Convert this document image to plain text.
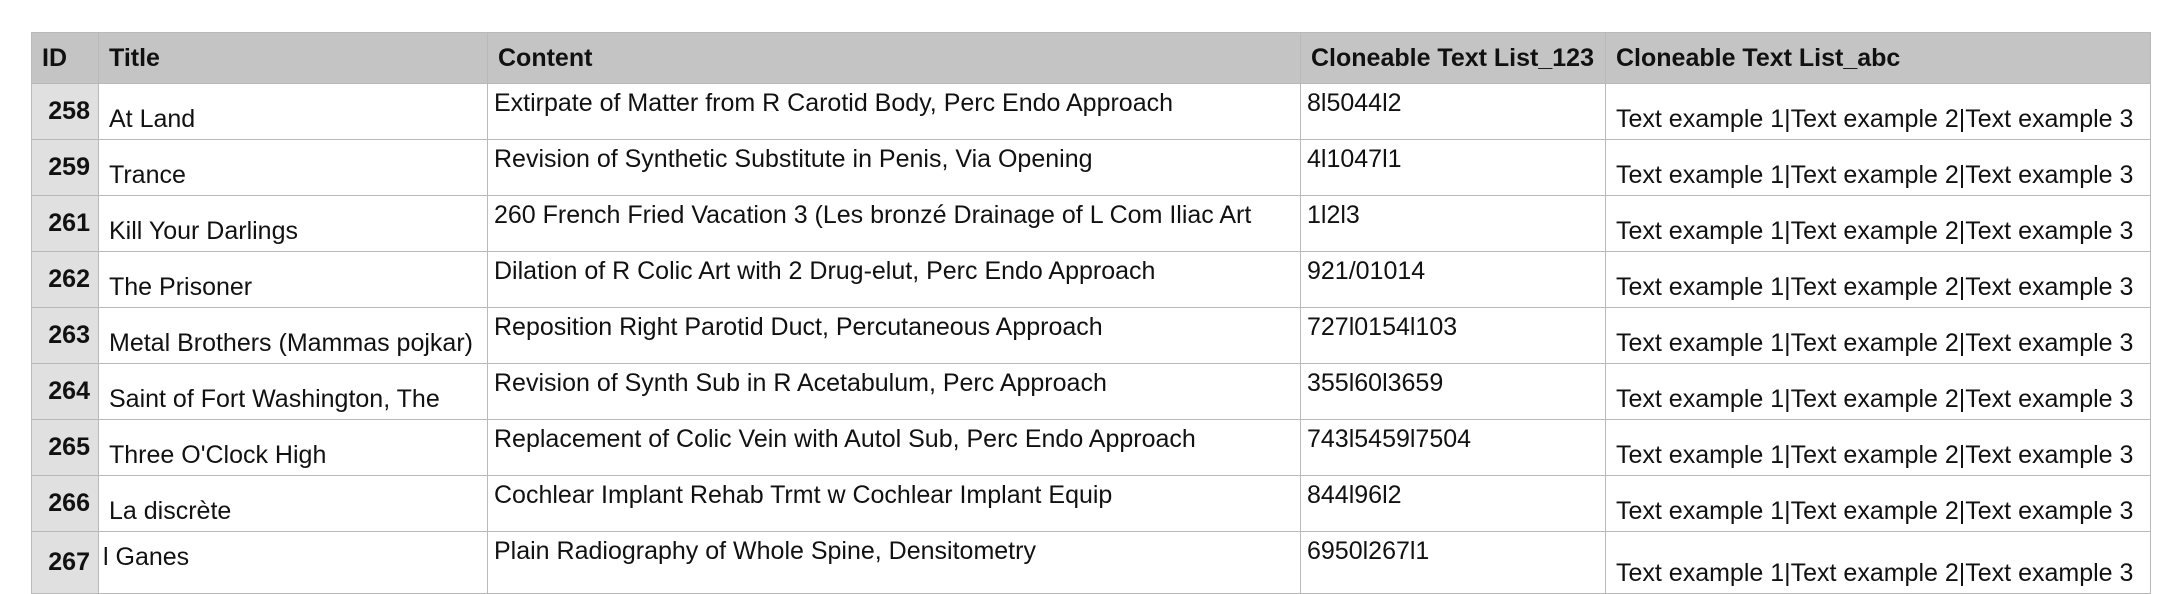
ID	Title	Content	Cloneable Text List_123	Cloneable Text List_abc
258	At Land	Extirpate of Matter from R Carotid Body, Perc Endo Approach	8l5044l2	Text example 1|Text example 2|Text example 3
259	Trance	Revision of Synthetic Substitute in Penis, Via Opening	4l1047l1	Text example 1|Text example 2|Text example 3
261	Kill Your Darlings	260 French Fried Vacation 3 (Les bronzé Drainage of L Com Iliac Art	1l2l3	Text example 1|Text example 2|Text example 3
262	The Prisoner	Dilation of R Colic Art with 2 Drug-elut, Perc Endo Approach	921/01014	Text example 1|Text example 2|Text example 3
263	Metal Brothers (Mammas pojkar)	Reposition Right Parotid Duct, Percutaneous Approach	727l0154l103	Text example 1|Text example 2|Text example 3
264	Saint of Fort Washington, The	Revision of Synth Sub in R Acetabulum, Perc Approach	355l60l3659	Text example 1|Text example 2|Text example 3
265	Three O'Clock High	Replacement of Colic Vein with Autol Sub, Perc Endo Approach	743l5459l7504	Text example 1|Text example 2|Text example 3
266	La discrète	Cochlear Implant Rehab Trmt w Cochlear Implant Equip	844l96l2	Text example 1|Text example 2|Text example 3
267	l Ganes	Plain Radiography of Whole Spine, Densitometry	6950l267l1	Text example 1|Text example 2|Text example 3
